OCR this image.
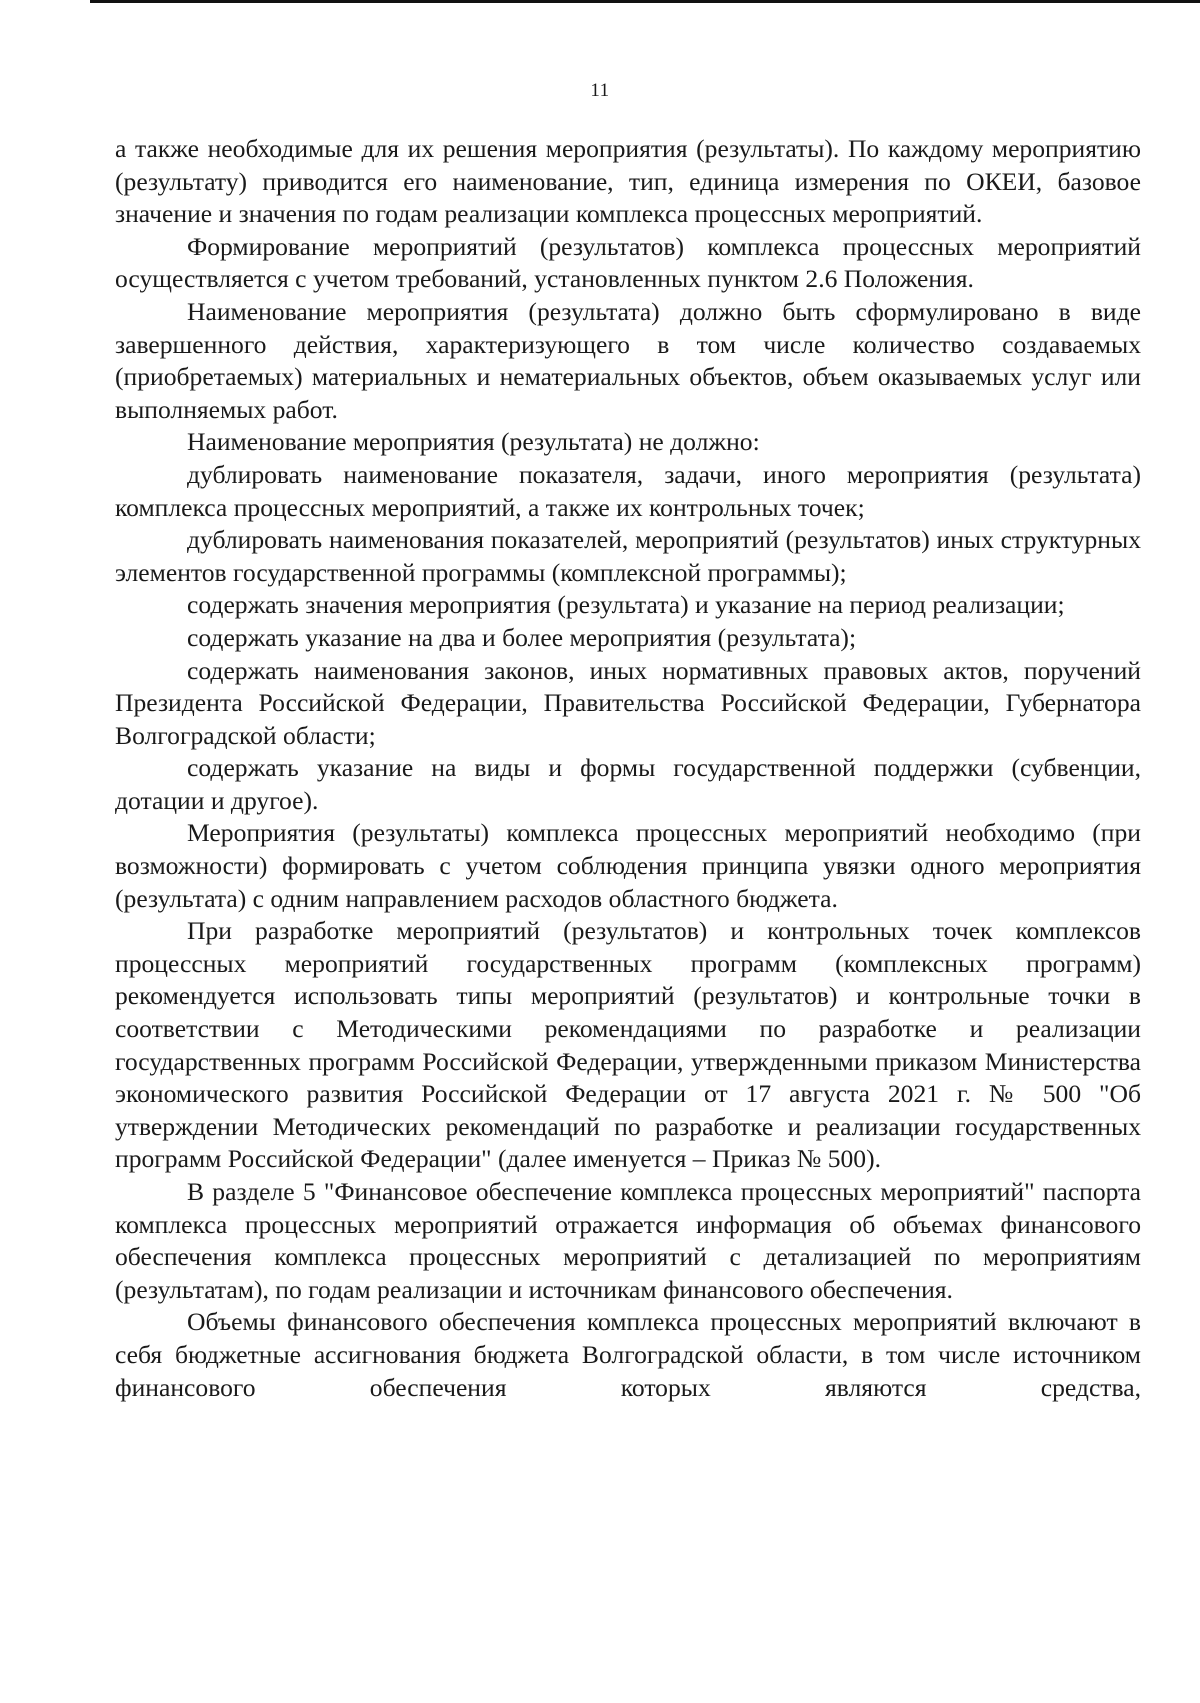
11

а также необходимые для их решения мероприятия (результаты). По каждому мероприятию (результату) приводится его наименование, тип, единица измерения по ОКЕИ, базовое значение и значения по годам реализации комплекса процессных мероприятий.

Формирование мероприятий (результатов) комплекса процессных мероприятий осуществляется с учетом требований, установленных пунктом 2.6 Положения.

Наименование мероприятия (результата) должно быть сформулировано в виде завершенного действия, характеризующего в том числе количество создаваемых (приобретаемых) материальных и нематериальных объектов, объем оказываемых услуг или выполняемых работ.

Наименование мероприятия (результата) не должно:

дублировать наименование показателя, задачи, иного мероприятия (результата) комплекса процессных мероприятий, а также их контрольных точек;

дублировать наименования показателей, мероприятий (результатов) иных структурных элементов государственной программы (комплексной программы);

содержать значения мероприятия (результата) и указание на период реализации;

содержать указание на два и более мероприятия (результата);

содержать наименования законов, иных нормативных правовых актов, поручений Президента Российской Федерации, Правительства Российской Федерации, Губернатора Волгоградской области;

содержать указание на виды и формы государственной поддержки (субвенции, дотации и другое).

Мероприятия (результаты) комплекса процессных мероприятий необходимо (при возможности) формировать с учетом соблюдения принципа увязки одного мероприятия (результата) с одним направлением расходов областного бюджета.

При разработке мероприятий (результатов) и контрольных точек комплексов процессных мероприятий государственных программ (комплексных программ) рекомендуется использовать типы мероприятий (результатов) и контрольные точки в соответствии с Методическими рекомендациями по разработке и реализации государственных программ Российской Федерации, утвержденными приказом Министерства экономического развития Российской Федерации от 17 августа 2021 г. № 500 "Об утверждении Методических рекомендаций по разработке и реализации государственных программ Российской Федерации" (далее именуется – Приказ № 500).

В разделе 5 "Финансовое обеспечение комплекса процессных мероприятий" паспорта комплекса процессных мероприятий отражается информация об объемах финансового обеспечения комплекса процессных мероприятий с детализацией по мероприятиям (результатам), по годам реализации и источникам финансового обеспечения.

Объемы финансового обеспечения комплекса процессных мероприятий включают в себя бюджетные ассигнования бюджета Волгоградской области, в том числе источником финансового обеспечения которых являются средства,
